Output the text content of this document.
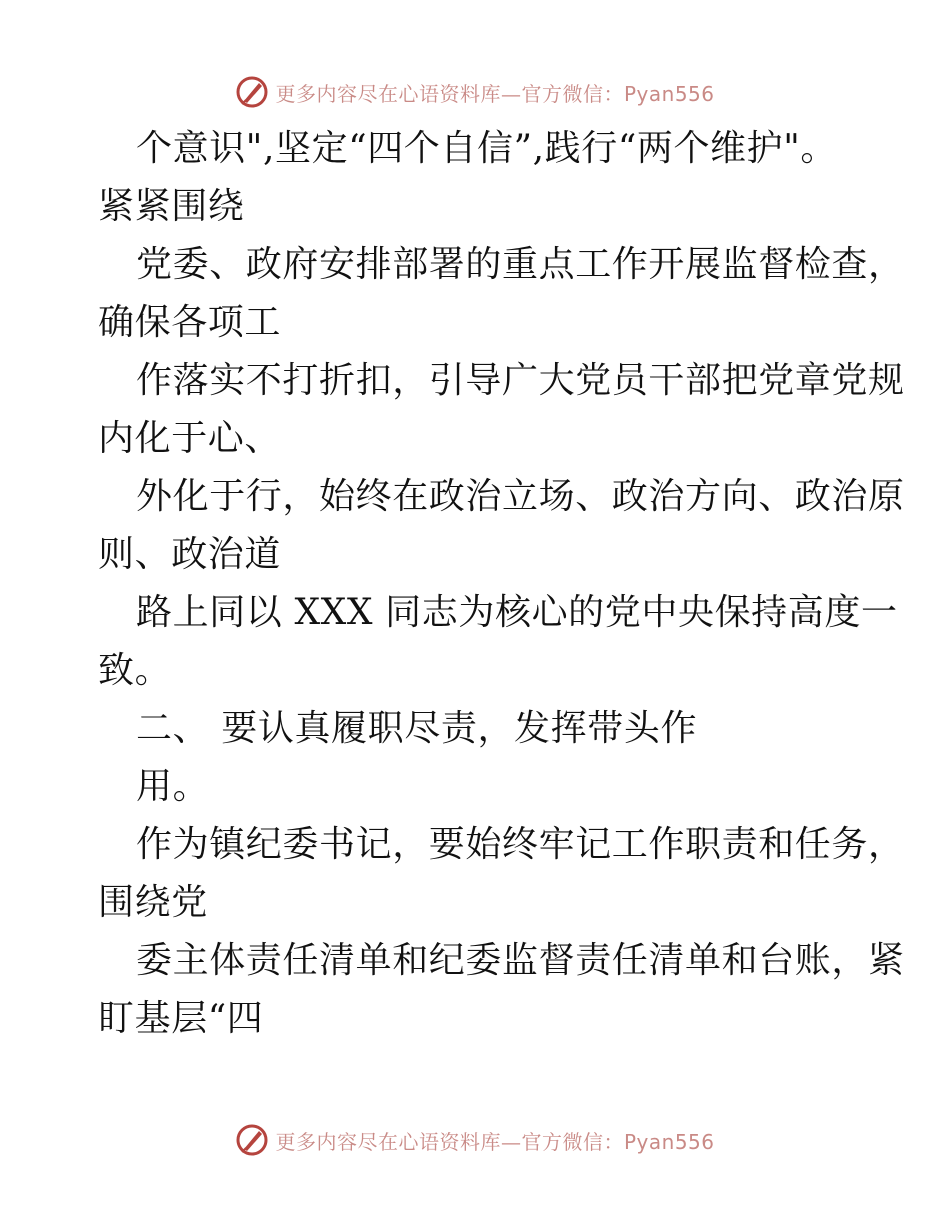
更多内容尽在心语资料库—官方微信：Pyan556
个意识",坚定“四个自信”,践行“两个维护"。
紧紧围绕
党委、政府安排部署的重点工作开展监督检查，
确保各项工
作落实不打折扣，引导广大党员干部把党章党规
内化于心、
外化于行，始终在政治立场、政治方向、政治原
则、政治道
路上同以 XXX 同志为核心的党中央保持高度一
致。
二、 要认真履职尽责，发挥带头作
用。
作为镇纪委书记，要始终牢记工作职责和任务，
围绕党
委主体责任清单和纪委监督责任清单和台账，紧
盯基层“四
更多内容尽在心语资料库—官方微信：Pyan556
